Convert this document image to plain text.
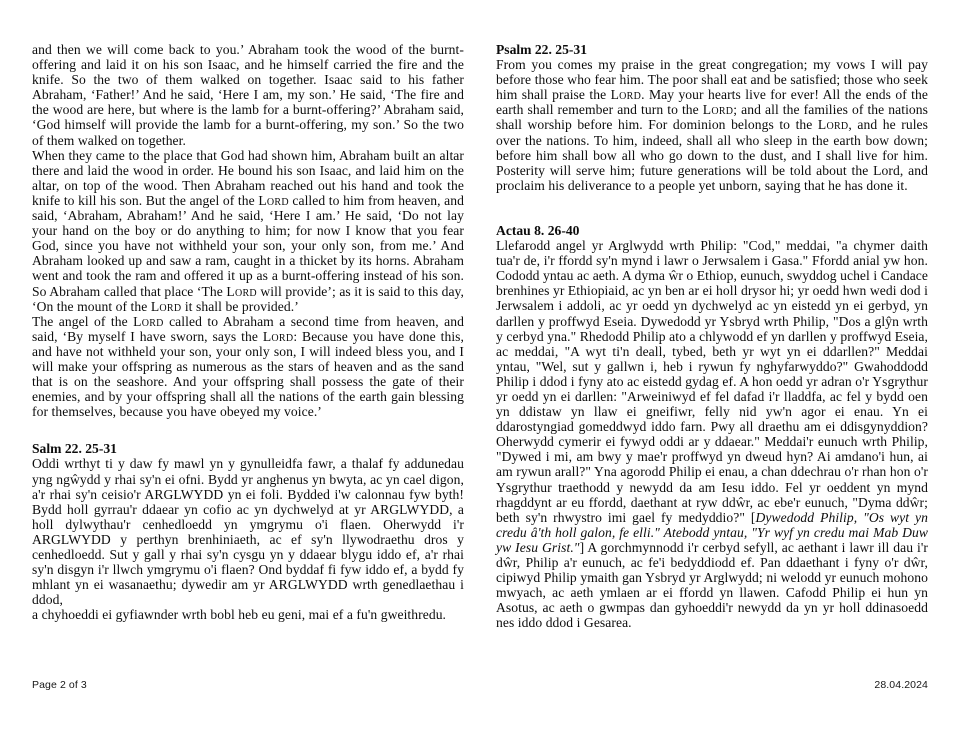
and then we will come back to you.’ Abraham took the wood of the burnt-offering and laid it on his son Isaac, and he himself carried the fire and the knife. So the two of them walked on together. Isaac said to his father Abraham, ‘Father!’ And he said, ‘Here I am, my son.’ He said, ‘The fire and the wood are here, but where is the lamb for a burnt-offering?’ Abraham said, ‘God himself will provide the lamb for a burnt-offering, my son.’ So the two of them walked on together.

When they came to the place that God had shown him, Abraham built an altar there and laid the wood in order. He bound his son Isaac, and laid him on the altar, on top of the wood. Then Abraham reached out his hand and took the knife to kill his son. But the angel of the Lord called to him from heaven, and said, ‘Abraham, Abraham!’ And he said, ‘Here I am.’ He said, ‘Do not lay your hand on the boy or do anything to him; for now I know that you fear God, since you have not withheld your son, your only son, from me.’ And Abraham looked up and saw a ram, caught in a thicket by its horns. Abraham went and took the ram and offered it up as a burnt-offering instead of his son. So Abraham called that place ‘The Lord will provide’; as it is said to this day, ‘On the mount of the Lord it shall be provided.’

The angel of the Lord called to Abraham a second time from heaven, and said, ‘By myself I have sworn, says the Lord: Because you have done this, and have not withheld your son, your only son, I will indeed bless you, and I will make your offspring as numerous as the stars of heaven and as the sand that is on the seashore. And your offspring shall possess the gate of their enemies, and by your offspring shall all the nations of the earth gain blessing for themselves, because you have obeyed my voice.’

Salm 22. 25-31

Oddi wrthyt ti y daw fy mawl yn y gynulleidfa fawr, a thalaf fy addunedau yng ngŵydd y rhai sy'n ei ofni. Bydd yr anghenus yn bwyta, ac yn cael digon, a'r rhai sy'n ceisio'r ARGLWYDD yn ei foli. Bydded i'w calonnau fyw byth! Bydd holl gyrrau'r ddaear yn cofio ac yn dychwelyd at yr ARGLWYDD, a holl dylwythau'r cenhedloedd yn ymgrymu o'i flaen. Oherwydd i'r ARGLWYDD y perthyn brenhiniaeth, ac ef sy'n llywodraethu dros y cenhedloedd. Sut y gall y rhai sy'n cysgu yn y ddaear blygu iddo ef, a'r rhai sy'n disgyn i'r llwch ymgrymu o'i flaen? Ond byddaf fi fyw iddo ef, a bydd fy mhlant yn ei wasanaethu; dywedir am yr ARGLWYDD wrth genedlaethau i ddod,

a chyhoeddi ei gyfiawnder wrth bobl heb eu geni, mai ef a fu'n gweithredu.

Psalm 22. 25-31

From you comes my praise in the great congregation; my vows I will pay before those who fear him. The poor shall eat and be satisfied; those who seek him shall praise the Lord. May your hearts live for ever! All the ends of the earth shall remember and turn to the Lord; and all the families of the nations shall worship before him. For dominion belongs to the Lord, and he rules over the nations. To him, indeed, shall all who sleep in the earth bow down; before him shall bow all who go down to the dust, and I shall live for him. Posterity will serve him; future generations will be told about the Lord, and proclaim his deliverance to a people yet unborn, saying that he has done it.

Actau 8. 26-40

Llefarodd angel yr Arglwydd wrth Philip: "Cod," meddai, "a chymer daith tua'r de, i'r ffordd sy'n mynd i lawr o Jerwsalem i Gasa." Ffordd anial yw hon. Cododd yntau ac aeth. A dyma ŵr o Ethiop, eunuch, swyddog uchel i Candace brenhines yr Ethiopiaid, ac yn ben ar ei holl drysor hi; yr oedd hwn wedi dod i Jerwsalem i addoli, ac yr oedd yn dychwelyd ac yn eistedd yn ei gerbyd, yn darllen y proffwyd Eseia. Dywedodd yr Ysbryd wrth Philip, "Dos a glŷn wrth y cerbyd yna." Rhedodd Philip ato a chlywodd ef yn darllen y proffwyd Eseia, ac meddai, "A wyt ti'n deall, tybed, beth yr wyt yn ei ddarllen?" Meddai yntau, "Wel, sut y gallwn i, heb i rywun fy nghyfarwyddo?" Gwahoddodd Philip i ddod i fyny ato ac eistedd gydag ef. A hon oedd yr adran o'r Ysgrythur yr oedd yn ei darllen: "Arweiniwyd ef fel dafad i'r lladdfa, ac fel y bydd oen yn ddistaw yn llaw ei gneifiwr, felly nid yw'n agor ei enau. Yn ei ddarostyngiad gomeddwyd iddo farn. Pwy all draethu am ei ddisgynyddion? Oherwydd cymerir ei fywyd oddi ar y ddaear." Meddai'r eunuch wrth Philip, "Dywed i mi, am bwy y mae'r proffwyd yn dweud hyn? Ai amdano'i hun, ai am rywun arall?" Yna agorodd Philip ei enau, a chan ddechrau o'r rhan hon o'r Ysgrythur traethodd y newydd da am Iesu iddo. Fel yr oeddent yn mynd rhagddynt ar eu ffordd, daethant at ryw ddŵr, ac ebe'r eunuch, "Dyma ddŵr; beth sy'n rhwystro imi gael fy medyddio?" [Dywedodd Philip, "Os wyt yn credu â'th holl galon, fe elli." Atebodd yntau, "Yr wyf yn credu mai Mab Duw yw Iesu Grist."] A gorchmynnodd i'r cerbyd sefyll, ac aethant i lawr ill dau i'r dŵr, Philip a'r eunuch, ac fe'i bedyddiodd ef. Pan ddaethant i fyny o'r dŵr, cipiwyd Philip ymaith gan Ysbryd yr Arglwydd; ni welodd yr eunuch mohono mwyach, ac aeth ymlaen ar ei ffordd yn llawen. Cafodd Philip ei hun yn Asotus, ac aeth o gwmpas dan gyhoeddi'r newydd da yn yr holl ddinasoedd nes iddo ddod i Gesarea.

Page 2 of 3	28.04.2024
